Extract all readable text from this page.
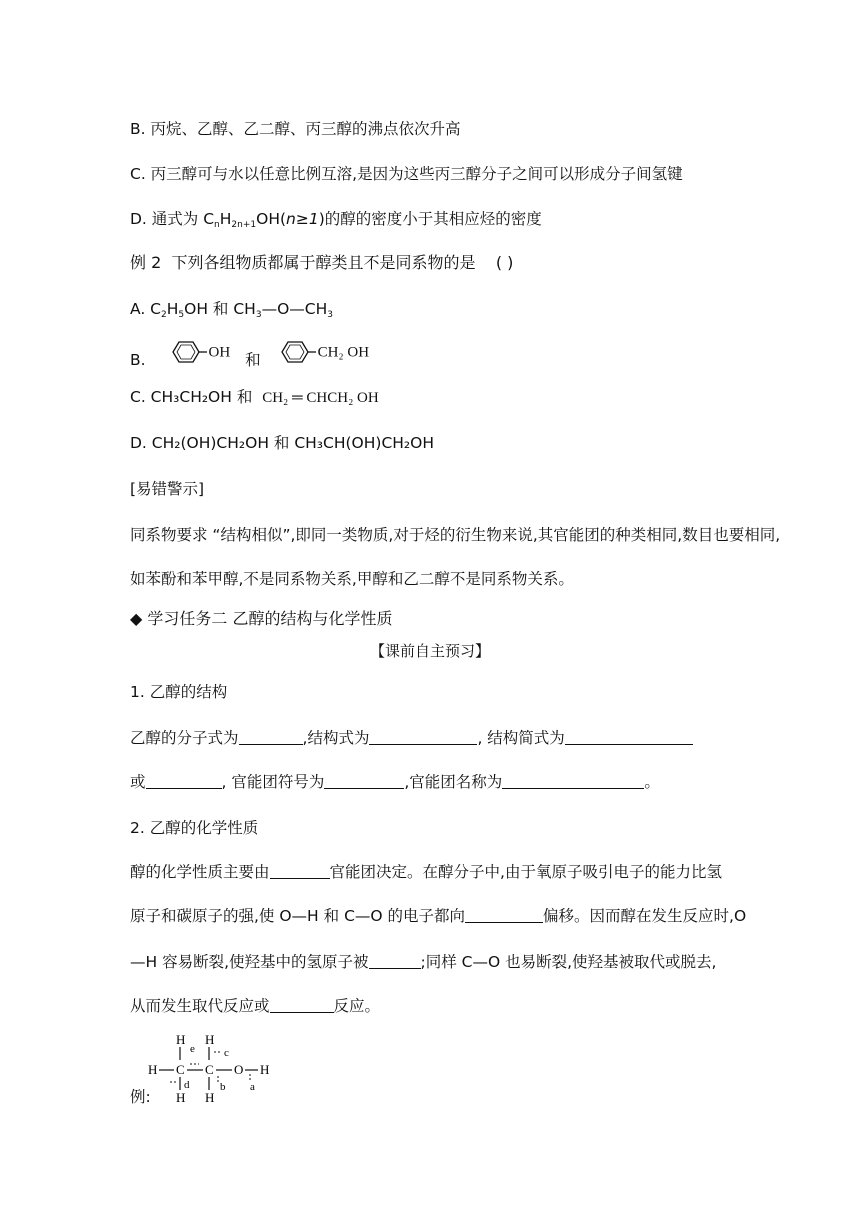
B. 丙烷、乙醇、乙二醇、丙三醇的沸点依次升高
C. 丙三醇可与水以任意比例互溶,是因为这些丙三醇分子之间可以形成分子间氢键
D. 通式为 $C_nH_{2n+1}OH(n\ge 1)$的醇的密度小于其相应烃的密度
例 2 下列各组物质都属于醇类且不是同系物的是 ( )
A. $C_2H_5OH$ 和 $CH_3—O—CH_3$
B.	OH 和	CH₂ OH
C. CH₃CH₂OH 和 CH₂ ═ CHCH₂ OH
D. CH₂(OH)CH₂OH 和 CH₃CH(OH)CH₂OH
[易错警示]
同系物要求 “结构相似”,即同一类物质,对于烃的衍生物来说,其官能团的种类相同,数目也要相同,
如苯酚和苯甲醇,不是同系物关系,甲醇和乙二醇不是同系物关系。
◆ 学习任务二 乙醇的结构与化学性质
【课前自主预习】
1. 乙醇的结构
乙醇的分子式为	,结构式为	, 结构简式为
或	, 官能团符号为	,官能团名称为	。
2. 乙醇的化学性质
醇的化学性质主要由	官能团决定。在醇分子中,由于氧原子吸引电子的能力比氢
原子和碳原子的强,使 O—H 和 C—O 的电子都向	偏移。因而醇在发生反应时,O
—H 容易断裂,使羟基中的氢原子被	;同样 C—O 也易断裂,使羟基被取代或脱去,
从而发生取代反应或	反应。
例:
H H
H C C O H
H H
a
b
c
d
e
